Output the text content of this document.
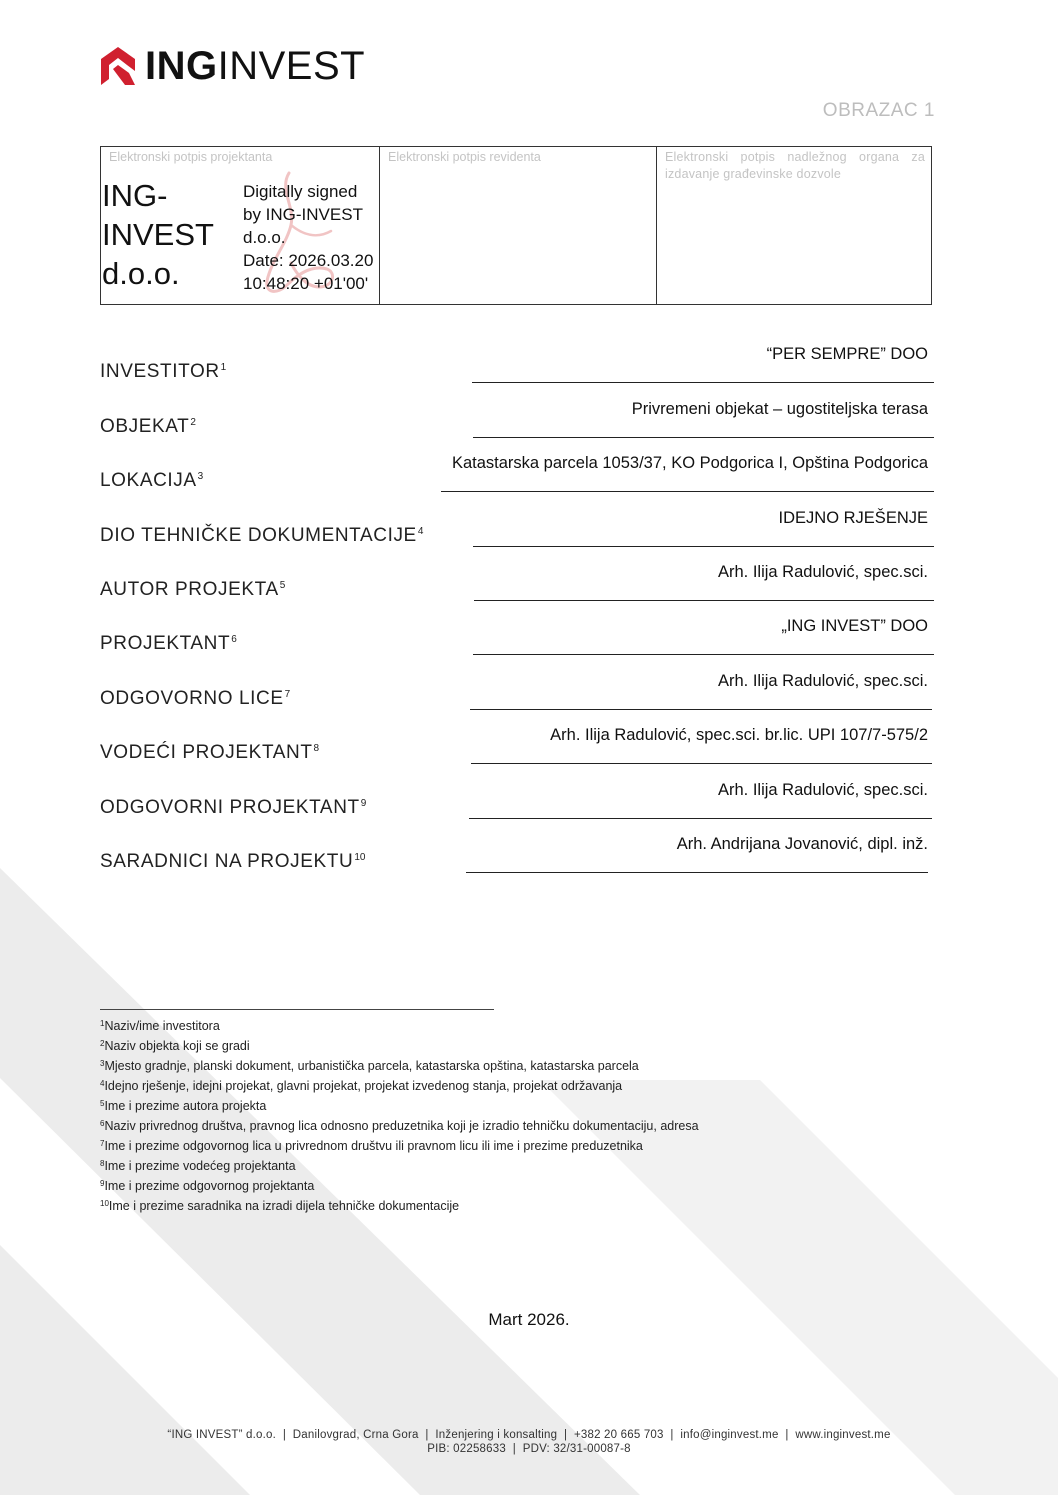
INGINVEST
OBRAZAC 1
Elektronski potpis projektanta
ING-
INVEST
d.o.o.
Digitally signed
by ING-INVEST
d.o.o.
Date: 2026.03.20
10:48:20 +01'00'
Elektronski potpis revidenta	Elektronski potpis nadležnog organa za izdavanje građevinske dozvole
INVESTITOR$^1$
“PER SEMPRE” DOO
OBJEKAT$^2$
Privremeni objekat – ugostiteljska terasa
LOKACIJA$^3$
Katastarska parcela 1053/37, KO Podgorica I, Opština Podgorica
DIO TEHNIČKE DOKUMENTACIJE$^4$
IDEJNO RJEŠENJE
AUTOR PROJEKTA$^5$
Arh. Ilija Radulović, spec.sci.
PROJEKTANT$^6$
„ING INVEST” DOO
ODGOVORNO LICE$^7$
Arh. Ilija Radulović, spec.sci.
VODEĆI PROJEKTANT$^8$
Arh. Ilija Radulović, spec.sci. br.lic. UPI 107/7-575/2
ODGOVORNI PROJEKTANT$^9$
Arh. Ilija Radulović, spec.sci.
SARADNICI NA PROJEKTU$^{10}$
Arh. Andrijana Jovanović, dipl. inž.
$^1$Naziv/ime investitora
$^2$Naziv objekta koji se gradi
$^3$Mjesto gradnje, planski dokument, urbanistička parcela, katastarska opština, katastarska parcela
$^4$Idejno rješenje, idejni projekat, glavni projekat, projekat izvedenog stanja, projekat održavanja
$^5$Ime i prezime autora projekta
$^6$Naziv privrednog društva, pravnog lica odnosno preduzetnika koji je izradio tehničku dokumentaciju, adresa
$^7$Ime i prezime odgovornog lica u privrednom društvu ili pravnom licu ili ime i prezime preduzetnika
$^8$Ime i prezime vodećeg projektanta
$^9$Ime i prezime odgovornog projektanta
$^{10}$Ime i prezime saradnika na izradi dijela tehničke dokumentacije
Mart 2026.
“ING INVEST” d.o.o.  |  Danilovgrad, Crna Gora  |  Inženjering i konsalting  |  +382 20 665 703  |  info@inginvest.me  |  www.inginvest.me
PIB: 02258633  |  PDV: 32/31-00087-8
